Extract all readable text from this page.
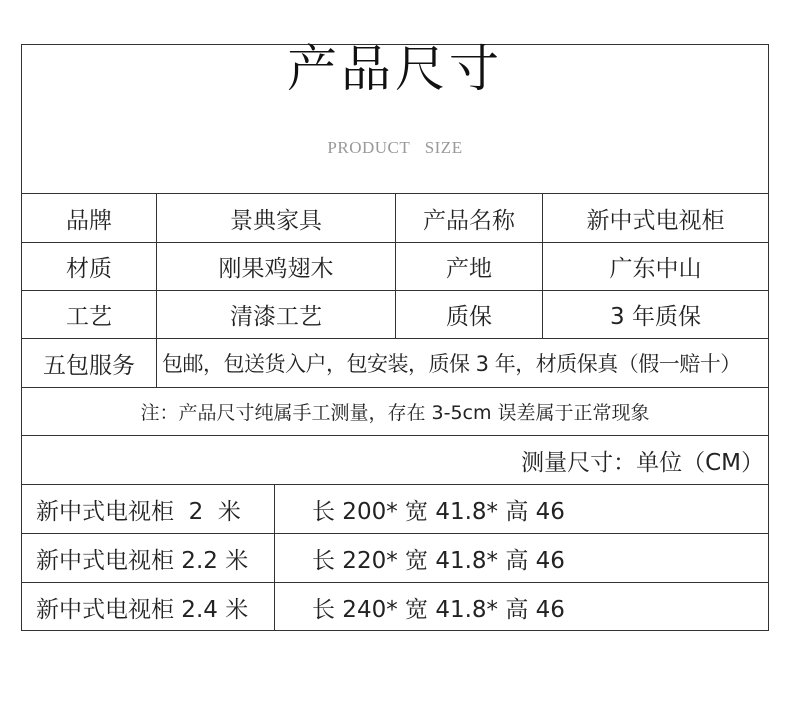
产品尺寸
PRODUCT SIZE
品牌	景典家具	产品名称	新中式电视柜
材质	刚果鸡翅木	产地	广东中山
工艺	清漆工艺	质保	3 年质保
五包服务	包邮，包送货入户，包安装，质保 3 年，材质保真（假一赔十）
注：产品尺寸纯属手工测量，存在 3-5cm 误差属于正常现象
测量尺寸：单位（CM）
新中式电视柜  2  米	长 200* 宽 41.8* 高 46
新中式电视柜 2.2 米	长 220* 宽 41.8* 高 46
新中式电视柜 2.4 米	长 240* 宽 41.8* 高 46
